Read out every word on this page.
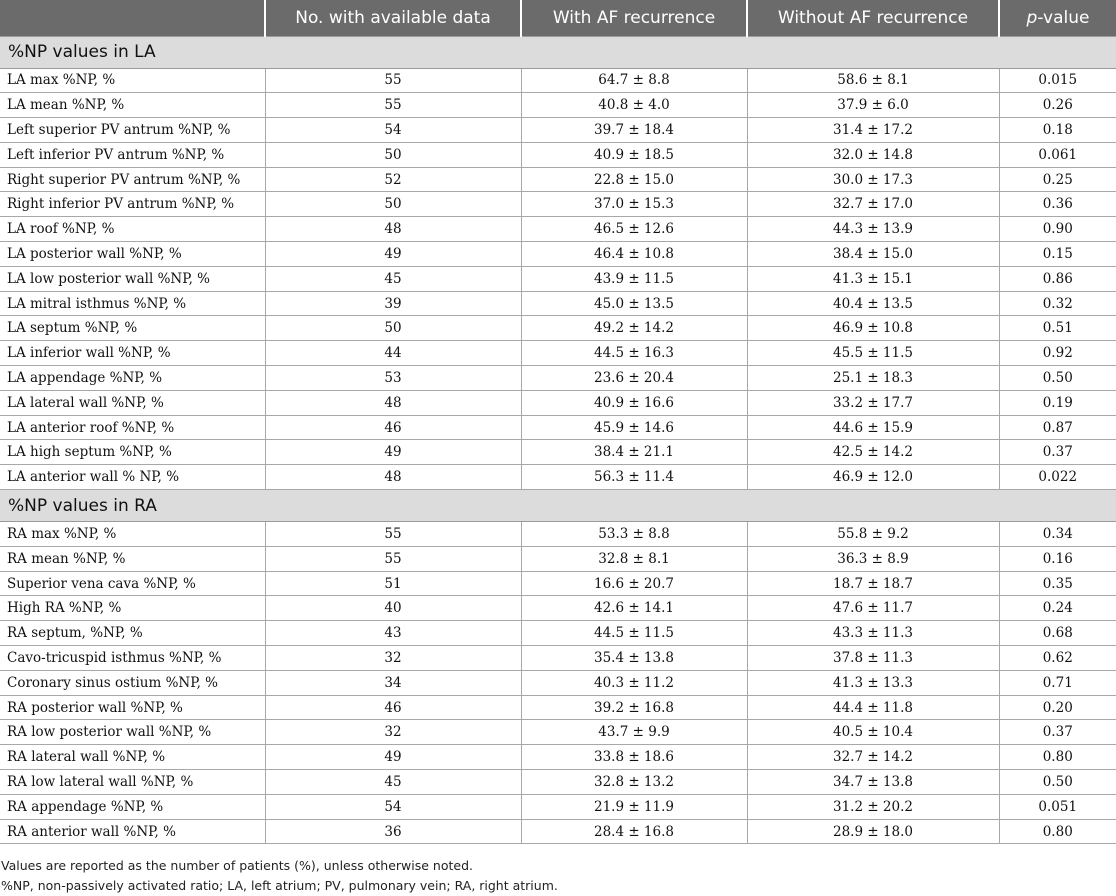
	No. with available data	With AF recurrence	Without AF recurrence	p-value
%NP values in LA				
LA max %NP, %	55	64.7 ± 8.8	58.6 ± 8.1	0.015
LA mean %NP, %	55	40.8 ± 4.0	37.9 ± 6.0	0.26
Left superior PV antrum %NP, %	54	39.7 ± 18.4	31.4 ± 17.2	0.18
Left inferior PV antrum %NP, %	50	40.9 ± 18.5	32.0 ± 14.8	0.061
Right superior PV antrum %NP, %	52	22.8 ± 15.0	30.0 ± 17.3	0.25
Right inferior PV antrum %NP, %	50	37.0 ± 15.3	32.7 ± 17.0	0.36
LA roof %NP, %	48	46.5 ± 12.6	44.3 ± 13.9	0.90
LA posterior wall %NP, %	49	46.4 ± 10.8	38.4 ± 15.0	0.15
LA low posterior wall %NP, %	45	43.9 ± 11.5	41.3 ± 15.1	0.86
LA mitral isthmus %NP, %	39	45.0 ± 13.5	40.4 ± 13.5	0.32
LA septum %NP, %	50	49.2 ± 14.2	46.9 ± 10.8	0.51
LA inferior wall %NP, %	44	44.5 ± 16.3	45.5 ± 11.5	0.92
LA appendage %NP, %	53	23.6 ± 20.4	25.1 ± 18.3	0.50
LA lateral wall %NP, %	48	40.9 ± 16.6	33.2 ± 17.7	0.19
LA anterior roof %NP, %	46	45.9 ± 14.6	44.6 ± 15.9	0.87
LA high septum %NP, %	49	38.4 ± 21.1	42.5 ± 14.2	0.37
LA anterior wall % NP, %	48	56.3 ± 11.4	46.9 ± 12.0	0.022
%NP values in RA				
RA max %NP, %	55	53.3 ± 8.8	55.8 ± 9.2	0.34
RA mean %NP, %	55	32.8 ± 8.1	36.3 ± 8.9	0.16
Superior vena cava %NP, %	51	16.6 ± 20.7	18.7 ± 18.7	0.35
High RA %NP, %	40	42.6 ± 14.1	47.6 ± 11.7	0.24
RA septum, %NP, %	43	44.5 ± 11.5	43.3 ± 11.3	0.68
Cavo-tricuspid isthmus %NP, %	32	35.4 ± 13.8	37.8 ± 11.3	0.62
Coronary sinus ostium %NP, %	34	40.3 ± 11.2	41.3 ± 13.3	0.71
RA posterior wall %NP, %	46	39.2 ± 16.8	44.4 ± 11.8	0.20
RA low posterior wall %NP, %	32	43.7 ± 9.9	40.5 ± 10.4	0.37
RA lateral wall %NP, %	49	33.8 ± 18.6	32.7 ± 14.2	0.80
RA low lateral wall %NP, %	45	32.8 ± 13.2	34.7 ± 13.8	0.50
RA appendage %NP, %	54	21.9 ± 11.9	31.2 ± 20.2	0.051
RA anterior wall %NP, %	36	28.4 ± 16.8	28.9 ± 18.0	0.80
Values are reported as the number of patients (%), unless otherwise noted.
%NP, non-passively activated ratio; LA, left atrium; PV, pulmonary vein; RA, right atrium.
